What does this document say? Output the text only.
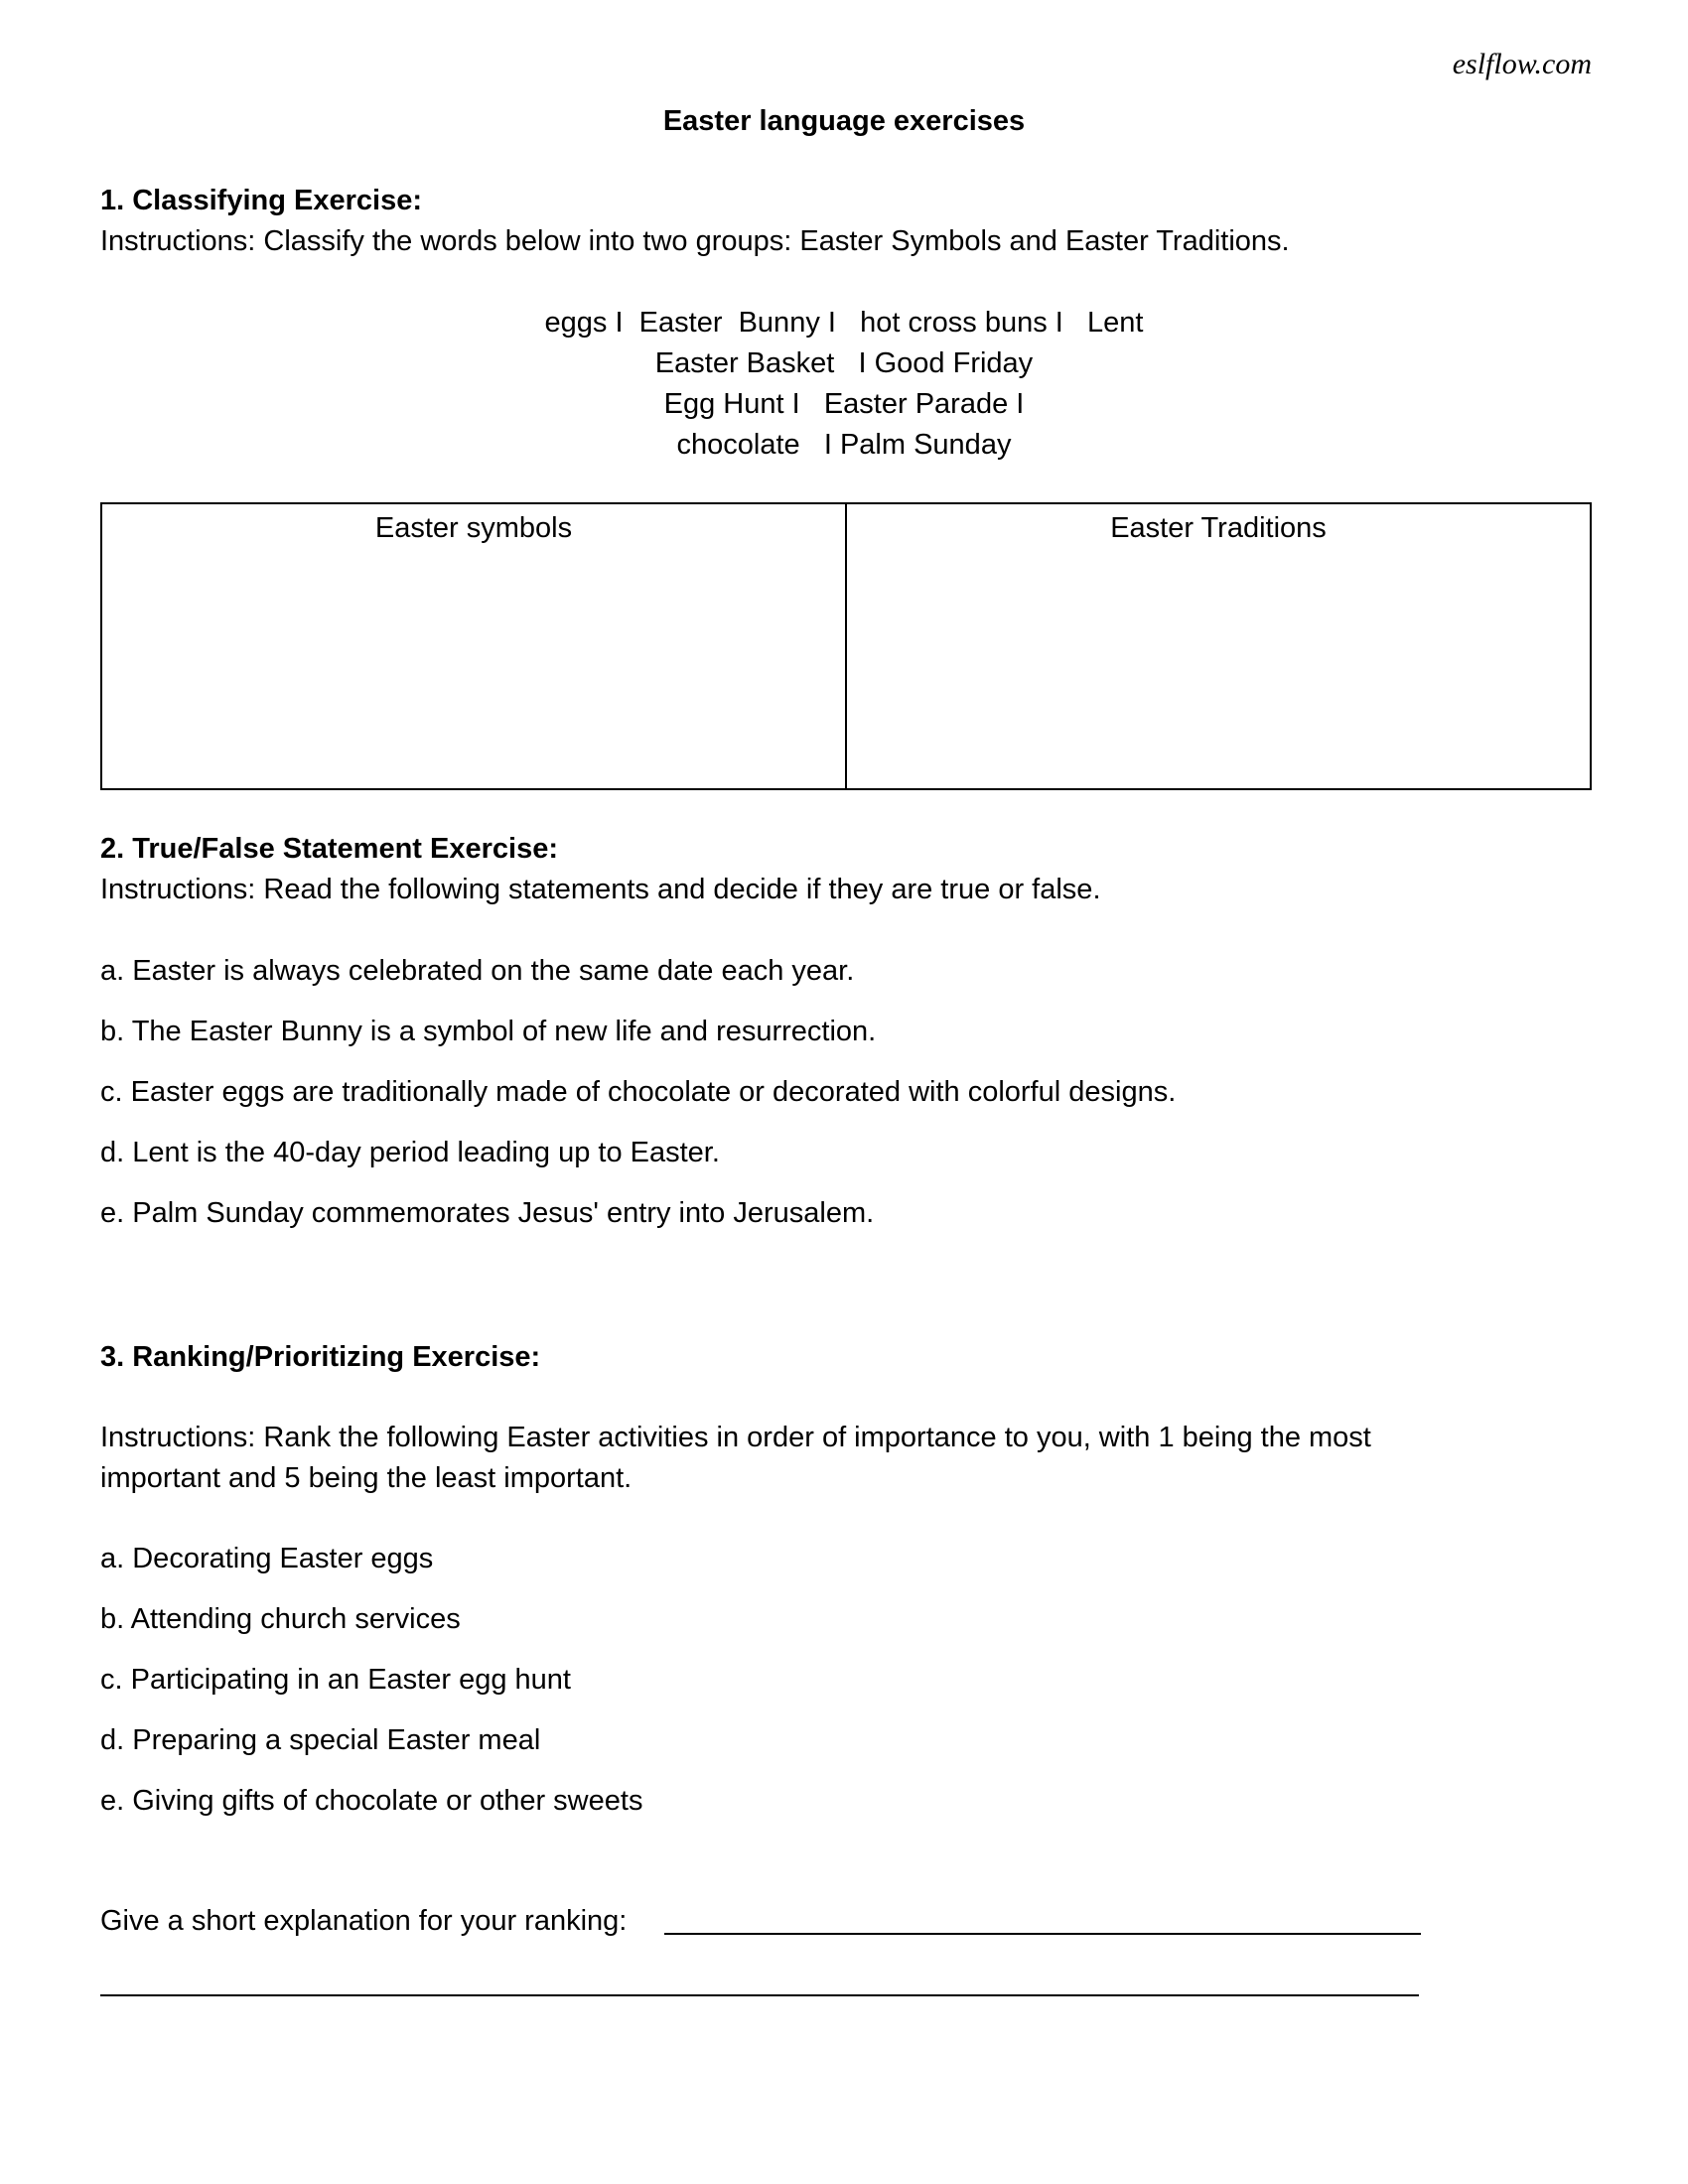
eslflow.com
Easter language exercises

1. Classifying Exercise:

Instructions: Classify the words below into two groups: Easter Symbols and Easter Traditions.

eggs I  Easter  Bunny I   hot cross buns I   Lent
Easter Basket   I Good Friday
Egg Hunt I   Easter Parade I
chocolate   I Palm Sunday
Easter symbols	Easter Traditions

2. True/False Statement Exercise:

Instructions: Read the following statements and decide if they are true or false.

a. Easter is always celebrated on the same date each year.
b. The Easter Bunny is a symbol of new life and resurrection.
c. Easter eggs are traditionally made of chocolate or decorated with colorful designs.
d. Lent is the 40-day period leading up to Easter.
e. Palm Sunday commemorates Jesus' entry into Jerusalem.

3. Ranking/Prioritizing Exercise:

Instructions: Rank the following Easter activities in order of importance to you, with 1 being the most

important and 5 being the least important.

a. Decorating Easter eggs
b. Attending church services
c. Participating in an Easter egg hunt
d. Preparing a special Easter meal
e. Giving gifts of chocolate or other sweets
Give a short explanation for your ranking:
